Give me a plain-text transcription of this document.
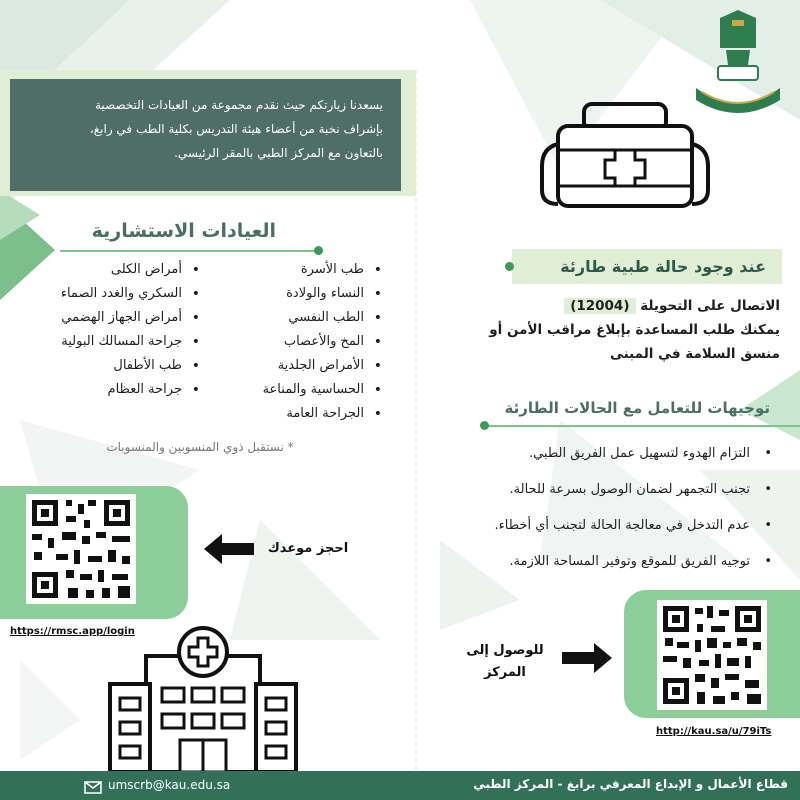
يسعدنا زيارتكم حيث نقدم مجموعة من العيادات التخصصية

بإشراف نخبة من أعضاء هيئة التدريس بكلية الطب في رابغ،

بالتعاون مع المركز الطبي بالمقر الرئيسي.

العيادات الاستشارية
•
طب الأسرة
•
النساء والولادة
•
الطب النفسي
•
المخ والأعصاب
•
الأمراض الجلدية
•
الحساسية والمناعة
•
الجراحة العامة
•
أمراض الكلى
•
السكري والغدد الصماء
•
أمراض الجهاز الهضمي
•
جراحة المسالك البولية
•
طب الأطفال
•
جراحة العظام
* نستقبل ذوي المنسوبين والمنسوبات
عند وجود حالة طبية طارئة
الاتصال على التحويلة (12004)
يمكنك طلب المساعدة بإبلاغ مراقب الأمن أو
منسق السلامة في المبنى
توجيهات للتعامل مع الحالات الطارئة
•
التزام الهدوء لتسهيل عمل الفريق الطبي.
•
تجنب التجمهر لضمان الوصول بسرعة للحالة.
•
عدم التدخل في معالجة الحالة لتجنب أي أخطاء.
•
توجيه الفريق للموقع وتوفير المساحة اللازمة.
https://rmsc.app/login
احجز موعدك
http://kau.sa/u/79iTs
للوصول إلى
المركز
umscrb@kau.edu.sa	قطاع الأعمال و الإبداع المعرفي برابغ - المركز الطبي
